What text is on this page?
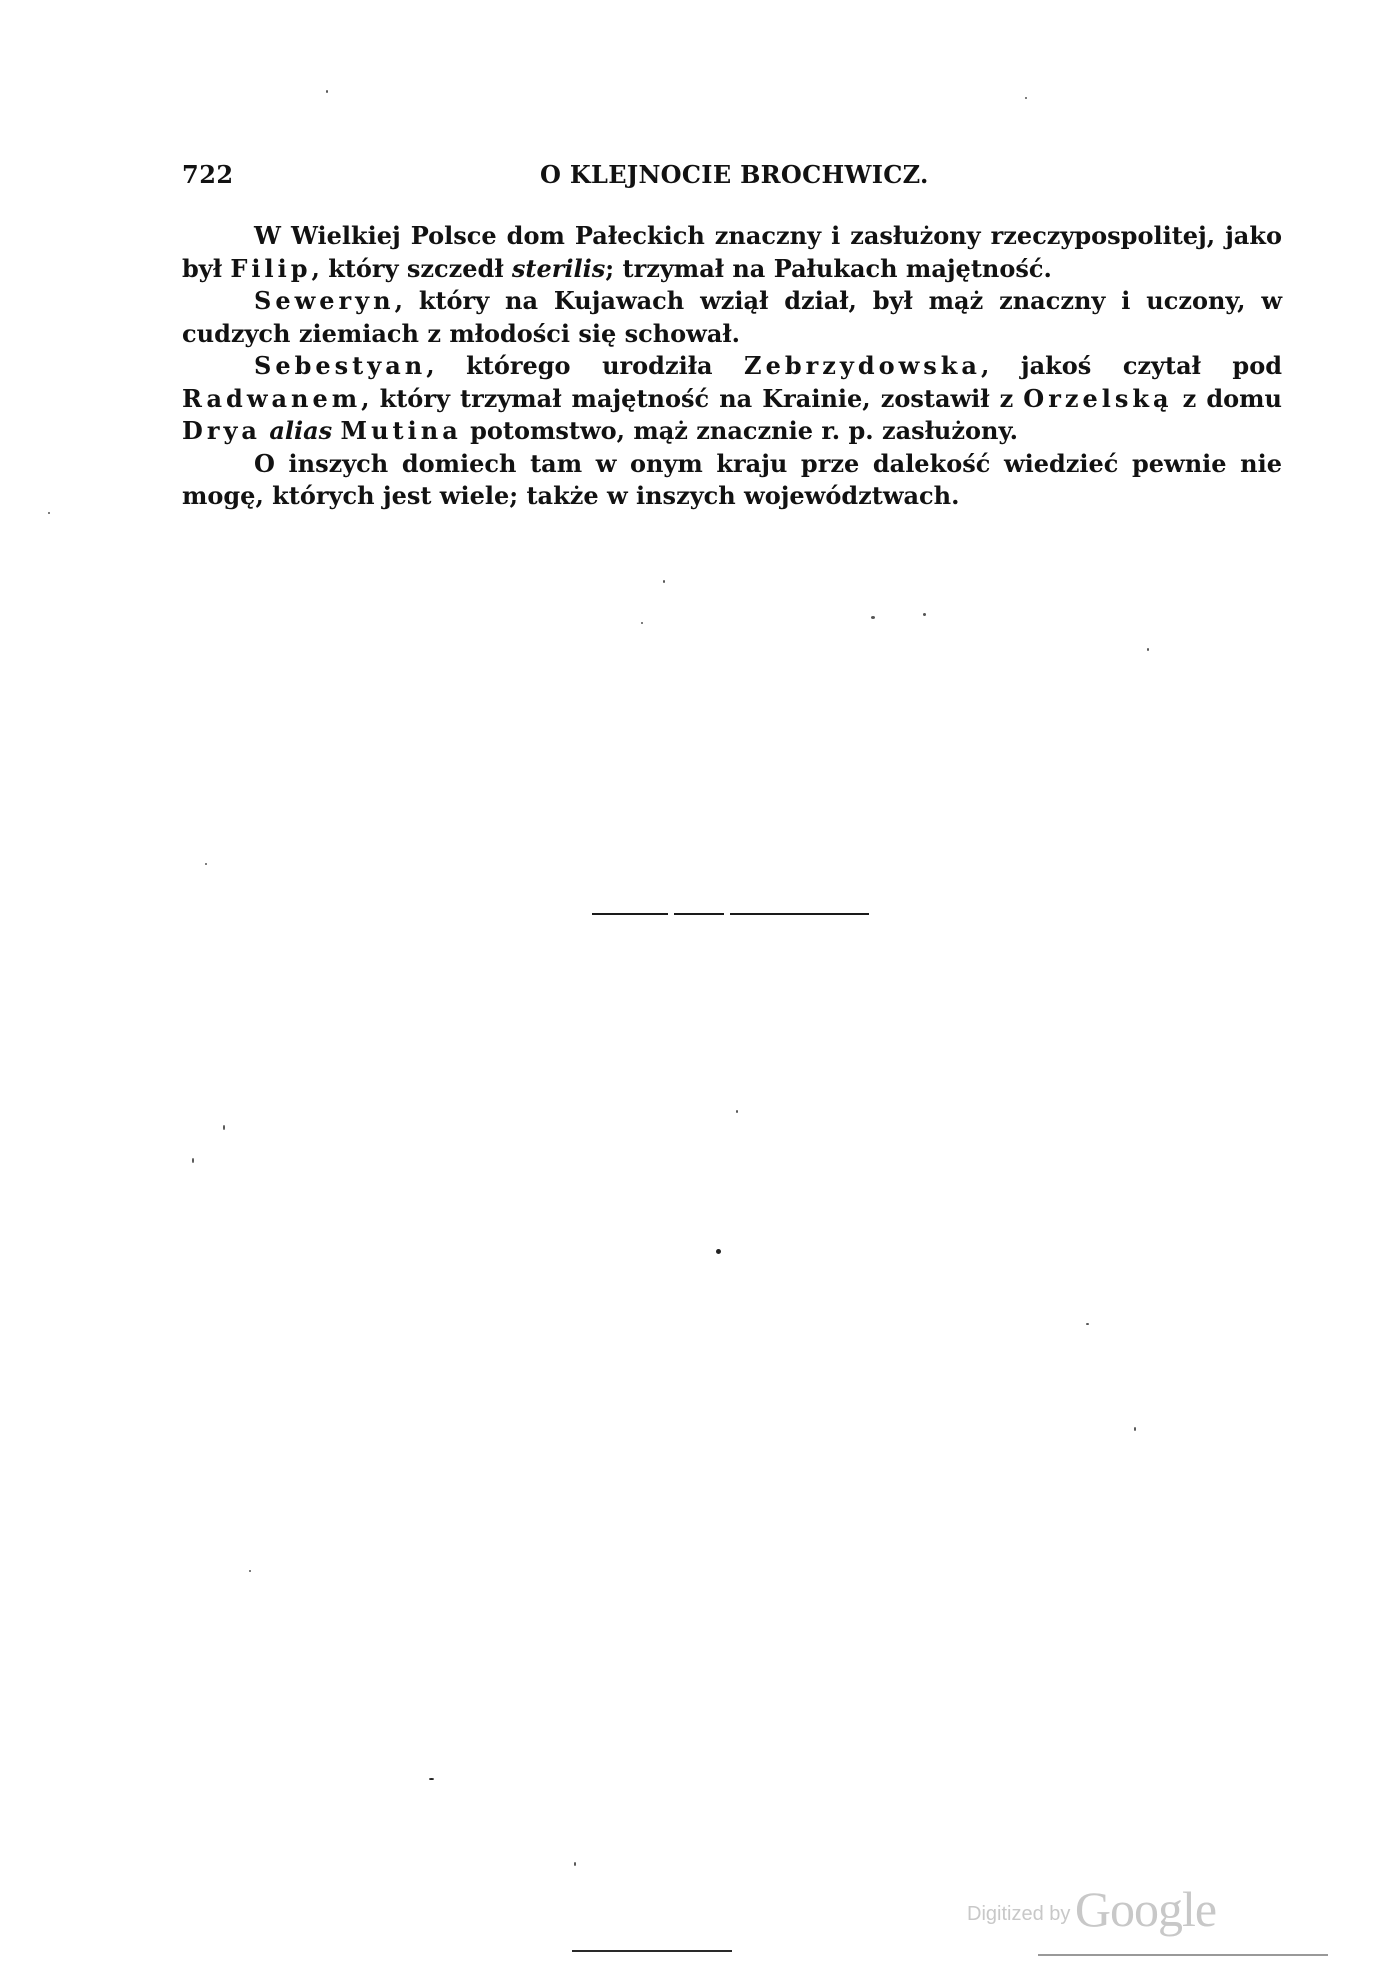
722	O KLEJNOCIE BROCHWICZ.

W Wielkiej Polsce dom Pałeckich znaczny i zasłużony rzeczypospolitej, jako był Filip, który szczedł sterilis; trzymał na Pałukach majętność.

Seweryn, który na Kujawach wziął dział, był mąż znaczny i uczony, w cudzych ziemiach z młodości się schował.

Sebestyan, którego urodziła Zebrzydowska, jakoś czytał pod Radwanem, który trzymał majętność na Krainie, zostawił z Orzelską z domu Drya alias Mutina potomstwo, mąż znacznie r. p. zasłużony.

O inszych domiech tam w onym kraju prze dalekość wiedzieć pewnie nie mogę, których jest wiele; także w inszych województwach.

Digitized by Google
